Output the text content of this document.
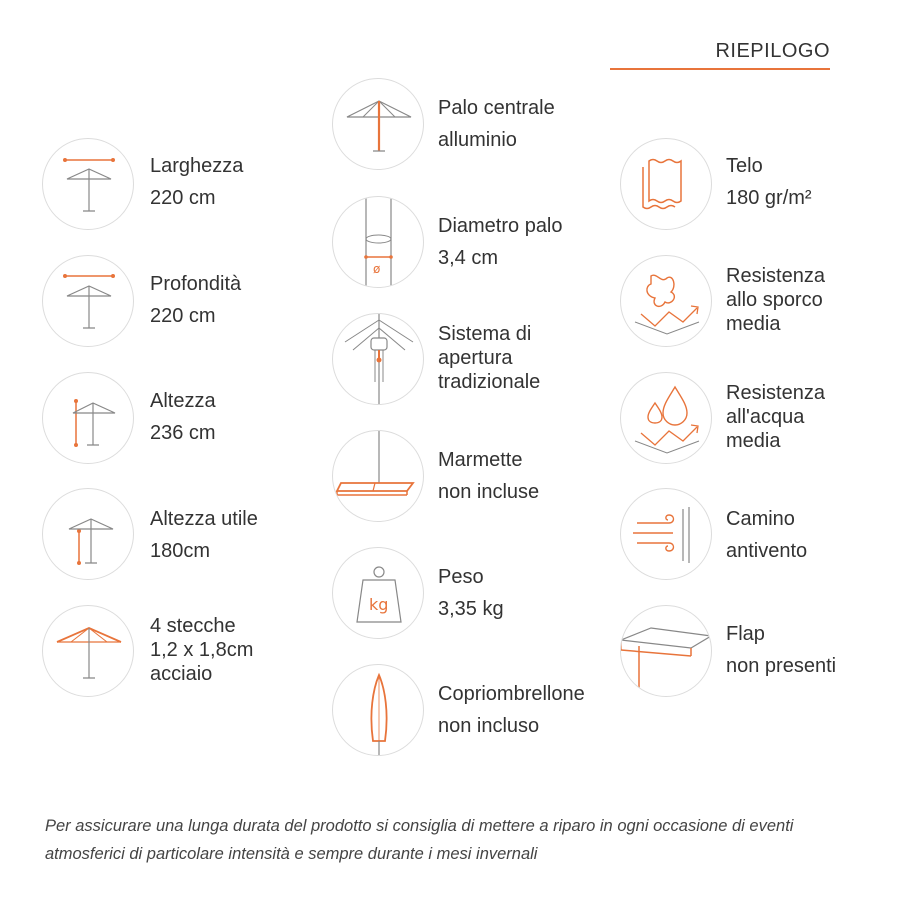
RIEPILOGO
Larghezza
220 cm
Profondità
220 cm
Altezza
236 cm
Altezza utile
180cm
4 stecche
1,2 x 1,8cm
acciaio
Palo centrale
alluminio
ø
Diametro palo
3,4 cm
Sistema di
apertura
tradizionale
Marmette
non incluse
kg
Peso
3,35 kg
Copriombrellone
non incluso
Telo
180 gr/m²
Resistenza
allo sporco
media
Resistenza
all'acqua
media
Camino
antivento
Flap
non presenti
Per assicurare una lunga durata del prodotto si consiglia di mettere a riparo in ogni occasione di eventi atmosferici di particolare intensità e sempre durante i mesi invernali
